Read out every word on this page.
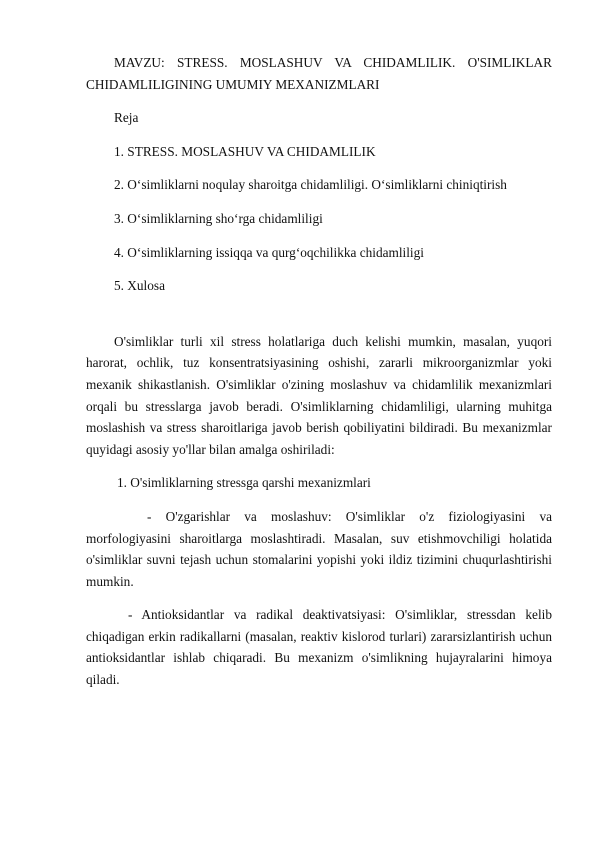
MAVZU: STRESS. MOSLASHUV VA CHIDAMLILIK. O'SIMLIKLAR CHIDAMLILIGINING UMUMIY MEXANIZMLARI

Reja

1. STRESS. MOSLASHUV VA CHIDAMLILIK

2. O‘simliklarni noqulay sharoitga chidamliligi. O‘simliklarni chiniqtirish

3. O‘simliklarning sho‘rga chidamliligi

4. O‘simliklarning issiqqa va qurg‘oqchilikka chidamliligi

5. Xulosa

O'simliklar turli xil stress holatlariga duch kelishi mumkin, masalan, yuqori harorat, ochlik, tuz konsentratsiyasining oshishi, zararli mikroorganizmlar yoki mexanik shikastlanish. O'simliklar o'zining moslashuv va chidamlilik mexanizmlari orqali bu stresslarga javob beradi. O'simliklarning chidamliligi, ularning muhitga moslashish va stress sharoitlariga javob berish qobiliyatini bildiradi. Bu mexanizmlar quyidagi asosiy yo'llar bilan amalga oshiriladi:

1. O'simliklarning stressga qarshi mexanizmlari

- O'zgarishlar va moslashuv: O'simliklar o'z fiziologiyasini va morfologiyasini sharoitlarga moslashtiradi. Masalan, suv etishmovchiligi holatida o'simliklar suvni tejash uchun stomalarini yopishi yoki ildiz tizimini chuqurlashtirishi mumkin.

- Antioksidantlar va radikal deaktivatsiyasi: O'simliklar, stressdan kelib chiqadigan erkin radikallarni (masalan, reaktiv kislorod turlari) zararsizlantirish uchun antioksidantlar ishlab chiqaradi. Bu mexanizm o'simlikning hujayralarini himoya qiladi.
